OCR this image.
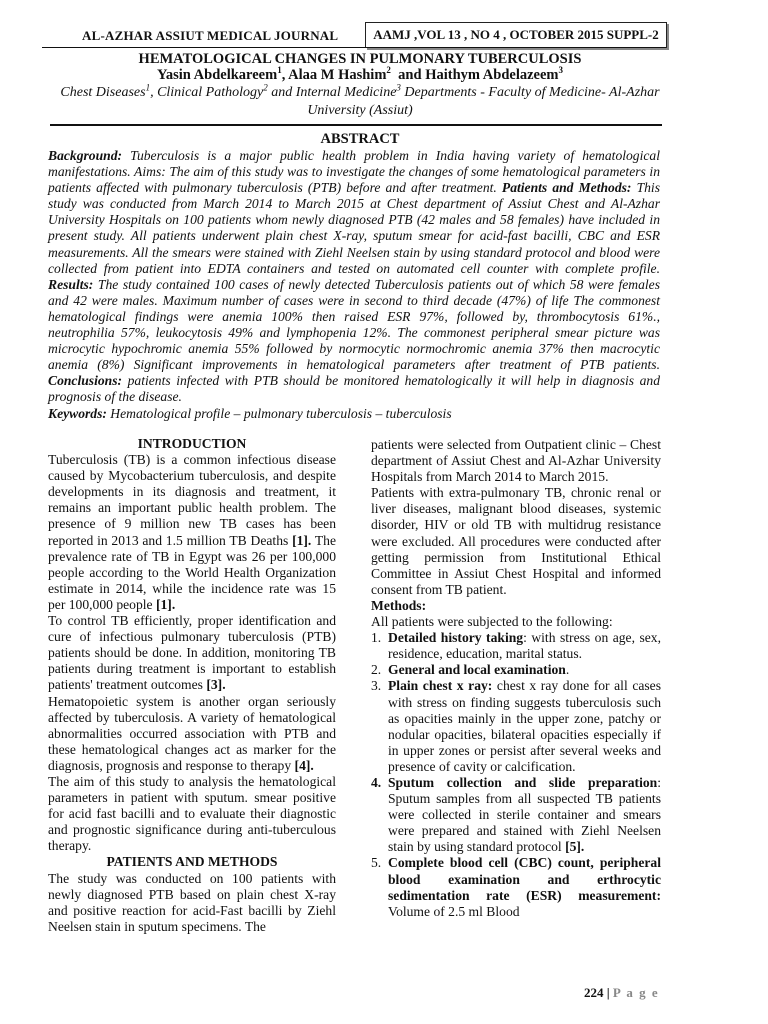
AL-AZHAR ASSIUT MEDICAL JOURNAL	AAMJ ,VOL 13 , NO 4 , OCTOBER 2015 SUPPL-2
HEMATOLOGICAL CHANGES IN PULMONARY TUBERCULOSIS
Yasin Abdelkareem$^1$, Alaa M Hashim$^2$  and Haithym Abdelazeem$^3$
Chest Diseases$^1$, Clinical Pathology$^2$ and Internal Medicine$^3$ Departments - Faculty of Medicine- Al-Azhar University (Assiut)
ABSTRACT
Background: Tuberculosis is a major public health problem in India having variety of hematological manifestations. Aims: The aim of this study was to investigate the changes of some hematological parameters in patients affected with pulmonary tuberculosis (PTB) before and after treatment. Patients and Methods: This study was conducted from March 2014 to March 2015 at Chest department of Assiut Chest and Al-Azhar University Hospitals on 100 patients whom newly diagnosed PTB (42 males and 58 females) have included in present study. All patients underwent plain chest X-ray, sputum smear for acid-fast bacilli, CBC and ESR measurements. All the smears were stained with Ziehl Neelsen stain by using standard protocol and blood were collected from patient into EDTA containers and tested on automated cell counter with complete profile. Results: The study contained 100 cases of newly detected Tuberculosis patients out of which 58 were females and 42 were males. Maximum number of cases were in second to third decade (47%) of life The commonest hematological findings were anemia 100% then raised ESR 97%, followed by, thrombocytosis 61%., neutrophilia 57%, leukocytosis 49% and lymphopenia 12%. The commonest peripheral smear picture was microcytic hypochromic anemia 55% followed by normocytic normochromic anemia 37% then macrocytic anemia (8%) Significant improvements in hematological parameters after treatment of PTB patients. Conclusions: patients infected with PTB should be monitored hematologically it will help in diagnosis and prognosis of the disease.
Keywords: Hematological profile – pulmonary tuberculosis – tuberculosis
INTRODUCTION

Tuberculosis (TB) is a common infectious disease caused by Mycobacterium tuberculosis, and despite developments in its diagnosis and treatment, it remains an important public health problem. The presence of 9 million new TB cases has been reported in 2013 and 1.5 million TB Deaths [1]. The prevalence rate of TB in Egypt was 26 per 100,000 people according to the World Health Organization estimate in 2014, while the incidence rate was 15 per 100,000 people [1].

To control TB efficiently, proper identification and cure of infectious pulmonary tuberculosis (PTB) patients should be done. In addition, monitoring TB patients during treatment is important to establish patients' treatment outcomes [3].

Hematopoietic system is another organ seriously affected by tuberculosis. A variety of hematological abnormalities occurred association with PTB and these hematological changes act as marker for the diagnosis, prognosis and response to therapy [4].

The aim of this study to analysis the hematological parameters in patient with sputum. smear positive for acid fast bacilli and to evaluate their diagnostic and prognostic significance during anti-tuberculous therapy.

PATIENTS AND METHODS

The study was conducted on 100 patients with newly diagnosed PTB based on plain chest X-ray and positive reaction for acid-Fast bacilli by Ziehl Neelsen stain in sputum specimens. The

patients were selected from Outpatient clinic – Chest department of Assiut Chest and Al-Azhar University Hospitals from March 2014 to March 2015.

Patients with extra-pulmonary TB, chronic renal or liver diseases, malignant blood diseases, systemic disorder, HIV or old TB with multidrug resistance were excluded. All procedures were conducted after getting permission from Institutional Ethical Committee in Assiut Chest Hospital and informed consent from TB patient.

Methods:

All patients were subjected to the following:

1. Detailed history taking: with stress on age, sex, residence, education, marital status.
2. General and local examination.
3. Plain chest x ray: chest x ray done for all cases with stress on finding suggests tuberculosis such as opacities mainly in the upper zone, patchy or nodular opacities, bilateral opacities especially if in upper zones or persist after several weeks and presence of cavity or calcification.
4. Sputum collection and slide preparation: Sputum samples from all suspected TB patients were collected in sterile container and smears were prepared and stained with Ziehl Neelsen stain by using standard protocol [5].
5. Complete blood cell (CBC) count, peripheral blood examination and erthrocytic sedimentation rate (ESR) measurement: Volume of 2.5 ml Blood
224 | P a g e
